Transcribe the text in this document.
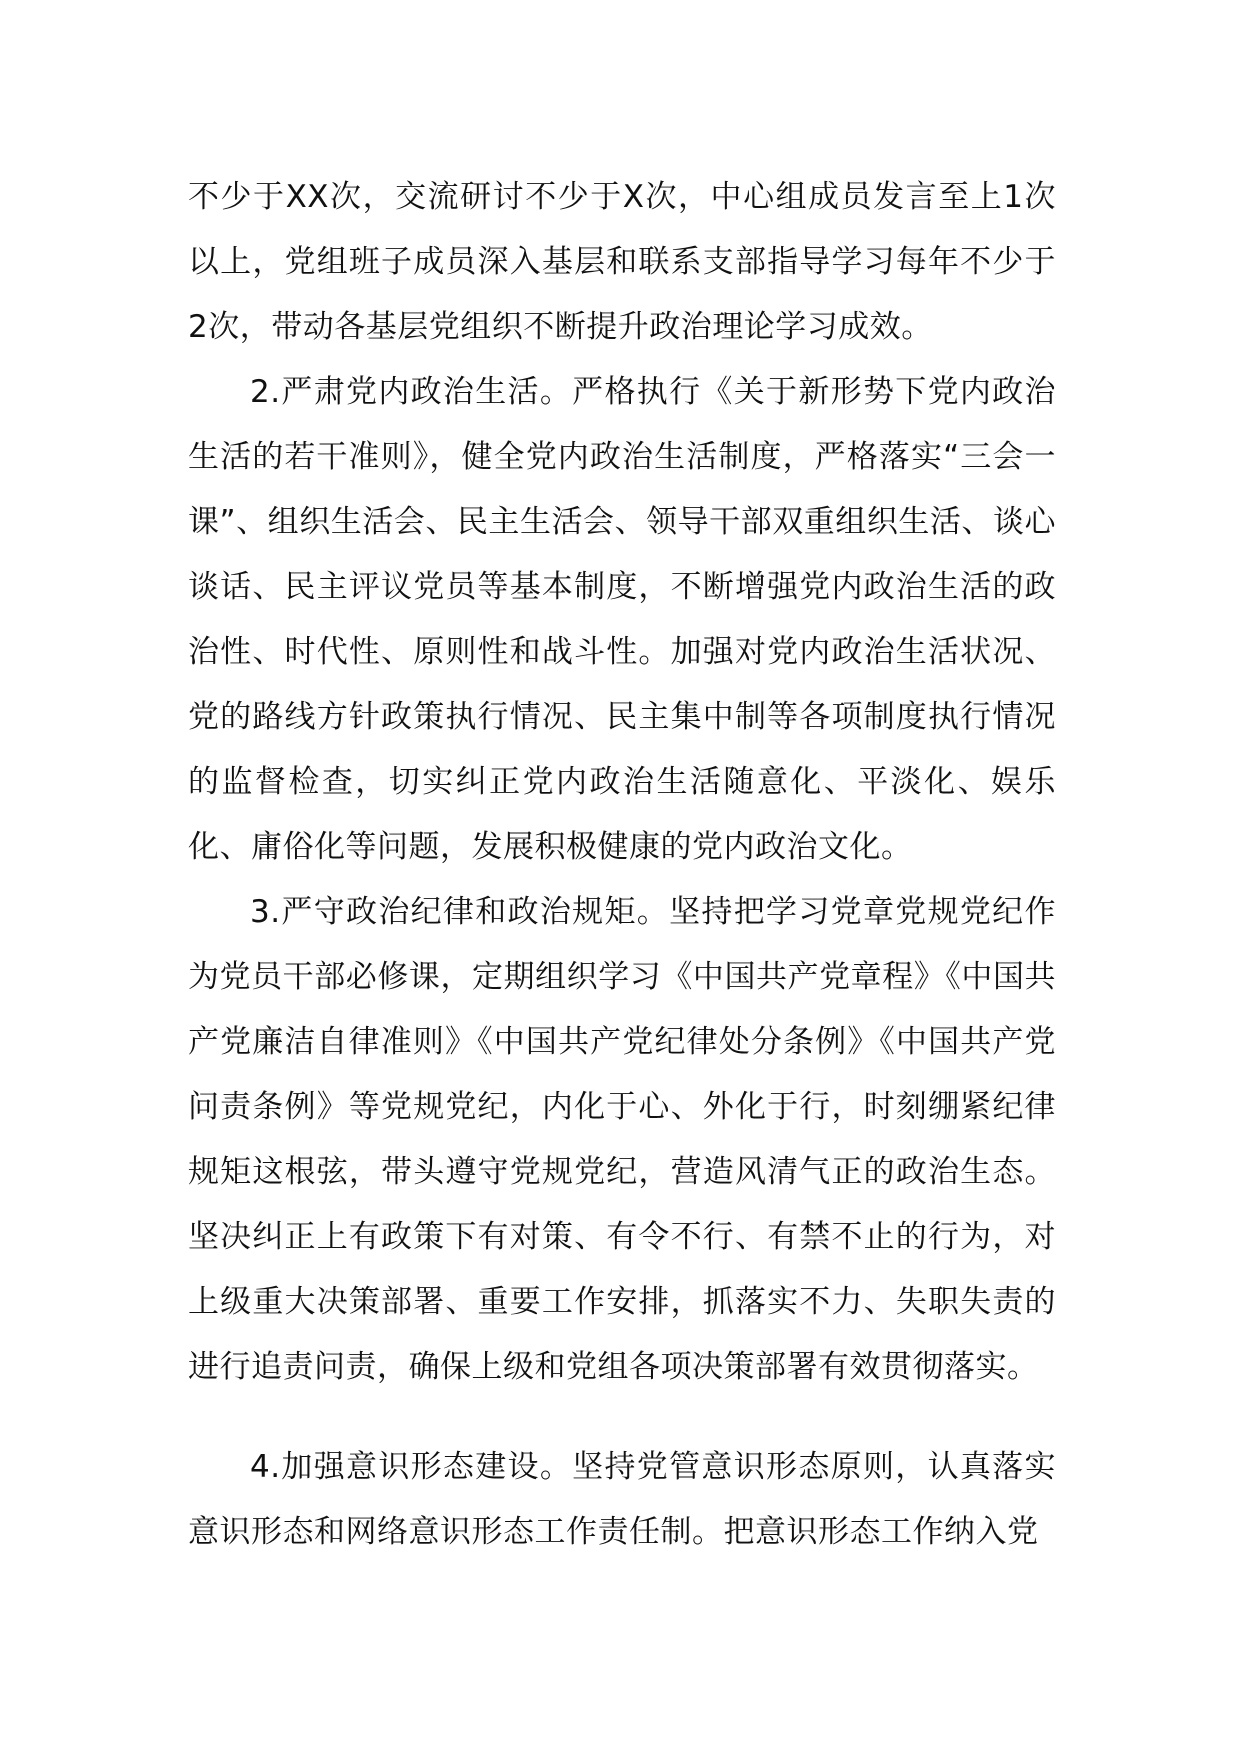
不少于XX次，交流研讨不少于X次，中心组成员发言至上1次以上，党组班子成员深入基层和联系支部指导学习每年不少于2次，带动各基层党组织不断提升政治理论学习成效。

2.严肃党内政治生活。严格执行《关于新形势下党内政治生活的若干准则》，健全党内政治生活制度，严格落实“三会一课”、组织生活会、民主生活会、领导干部双重组织生活、谈心谈话、民主评议党员等基本制度，不断增强党内政治生活的政治性、时代性、原则性和战斗性。加强对党内政治生活状况、党的路线方针政策执行情况、民主集中制等各项制度执行情况的监督检查，切实纠正党内政治生活随意化、平淡化、娱乐化、庸俗化等问题，发展积极健康的党内政治文化。

3.严守政治纪律和政治规矩。坚持把学习党章党规党纪作为党员干部必修课，定期组织学习《中国共产党章程》《中国共产党廉洁自律准则》《中国共产党纪律处分条例》《中国共产党问责条例》等党规党纪，内化于心、外化于行，时刻绷紧纪律规矩这根弦，带头遵守党规党纪，营造风清气正的政治生态。坚决纠正上有政策下有对策、有令不行、有禁不止的行为，对上级重大决策部署、重要工作安排，抓落实不力、失职失责的进行追责问责，确保上级和党组各项决策部署有效贯彻落实。

4.加强意识形态建设。坚持党管意识形态原则，认真落实意识形态和网络意识形态工作责任制。把意识形态工作纳入党
